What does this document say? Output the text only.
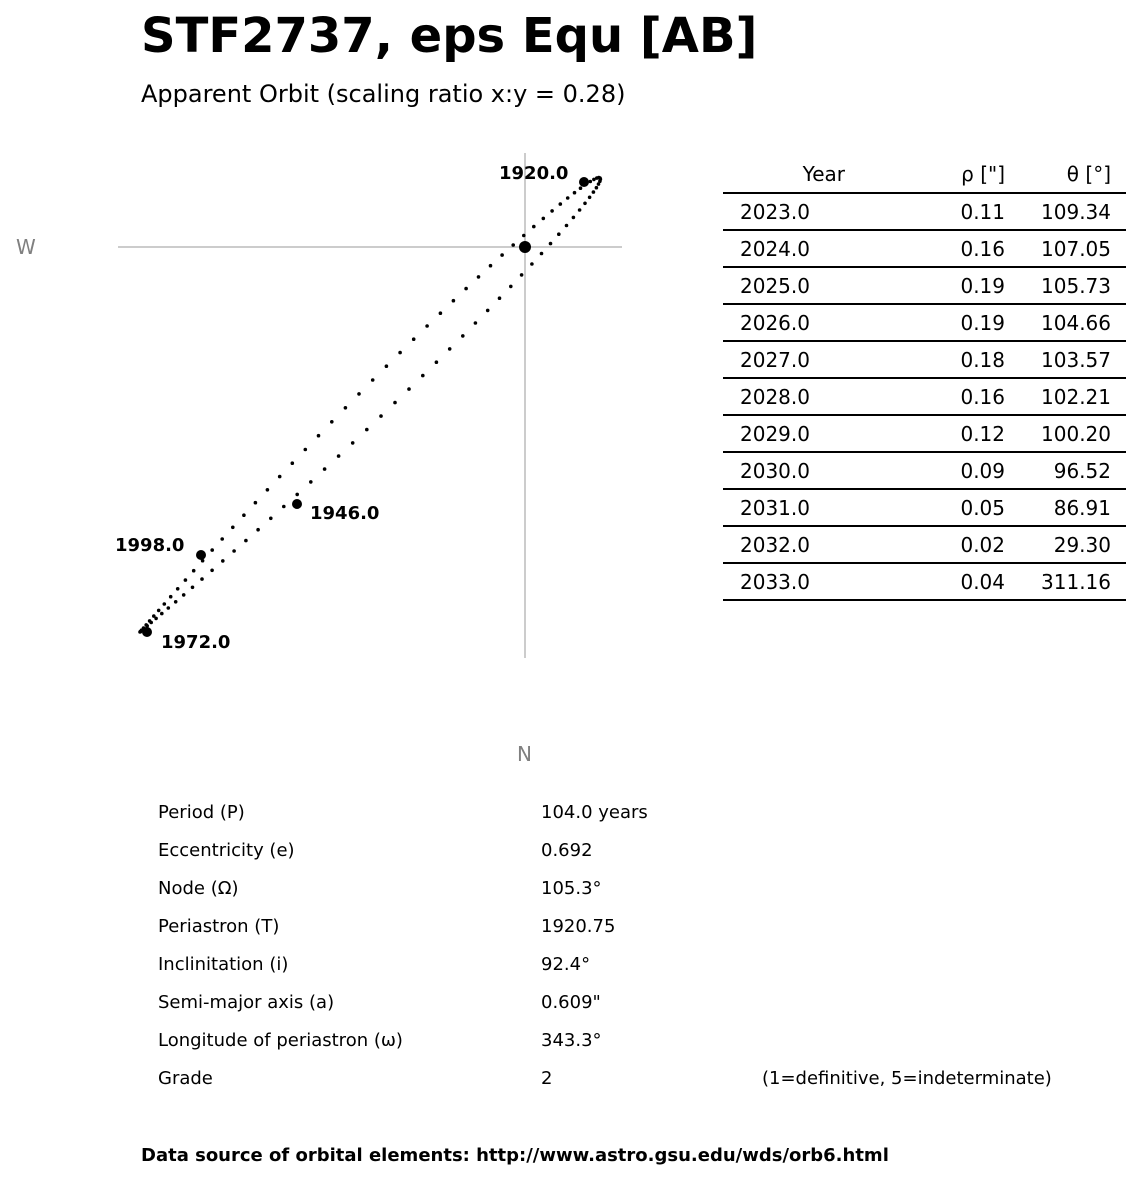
STF2737, eps Equ [AB]
Apparent Orbit (scaling ratio x:y = 0.28)
W
N
1920.0
1946.0
1972.0
1998.0
Year	ρ ["]	θ [°]
2023.0	0.11	109.34
2024.0	0.16	107.05
2025.0	0.19	105.73
2026.0	0.19	104.66
2027.0	0.18	103.57
2028.0	0.16	102.21
2029.0	0.12	100.20
2030.0	0.09	96.52
2031.0	0.05	86.91
2032.0	0.02	29.30
2033.0	0.04	311.16
Period (P)	104.0 years
Eccentricity (e)	0.692
Node (Ω)	105.3°
Periastron (T)	1920.75
Inclinitation (i)	92.4°
Semi-major axis (a)	0.609"
Longitude of periastron (ω)	343.3°
Grade	2	(1=definitive, 5=indeterminate)
Data source of orbital elements: http://www.astro.gsu.edu/wds/orb6.html
